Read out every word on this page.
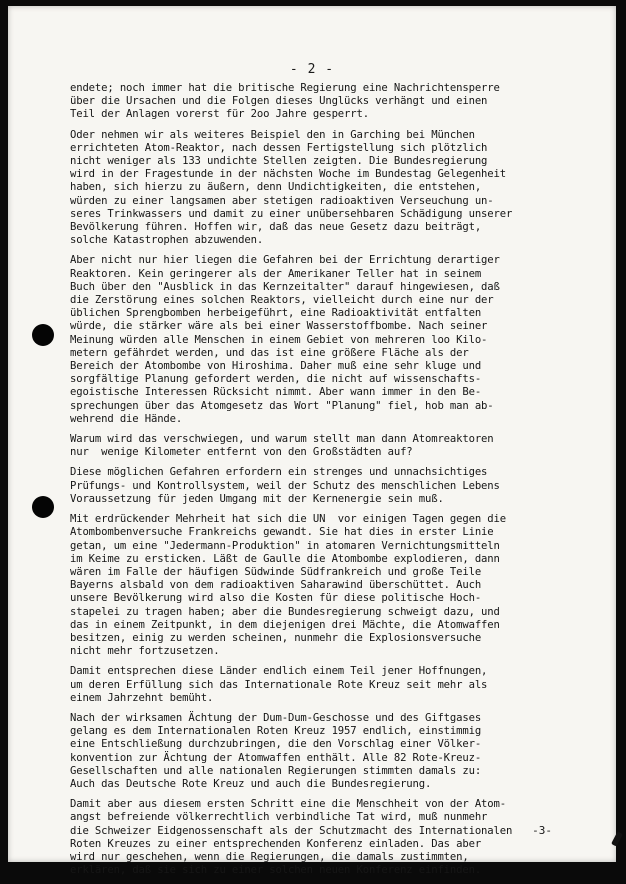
- 2 -
endete; noch immer hat die britische Regierung eine Nachrichtensperre
über die Ursachen und die Folgen dieses Unglücks verhängt und einen
Teil der Anlagen vorerst für 2oo Jahre gesperrt.
Oder nehmen wir als weiteres Beispiel den in Garching bei München
errichteten Atom-Reaktor, nach dessen Fertigstellung sich plötzlich
nicht weniger als 133 undichte Stellen zeigten. Die Bundesregierung
wird in der Fragestunde in der nächsten Woche im Bundestag Gelegenheit
haben, sich hierzu zu äußern, denn Undichtigkeiten, die entstehen,
würden zu einer langsamen aber stetigen radioaktiven Verseuchung un-
seres Trinkwassers und damit zu einer unübersehbaren Schädigung unserer
Bevölkerung führen. Hoffen wir, daß das neue Gesetz dazu beiträgt,
solche Katastrophen abzuwenden.
Aber nicht nur hier liegen die Gefahren bei der Errichtung derartiger
Reaktoren. Kein geringerer als der Amerikaner Teller hat in seinem
Buch über den "Ausblick in das Kernzeitalter" darauf hingewiesen, daß
die Zerstörung eines solchen Reaktors, vielleicht durch eine nur der
üblichen Sprengbomben herbeigeführt, eine Radioaktivität entfalten
würde, die stärker wäre als bei einer Wasserstoffbombe. Nach seiner
Meinung würden alle Menschen in einem Gebiet von mehreren loo Kilo-
metern gefährdet werden, und das ist eine größere Fläche als der
Bereich der Atombombe von Hiroshima. Daher muß eine sehr kluge und
sorgfältige Planung gefordert werden, die nicht auf wissenschafts-
egoistische Interessen Rücksicht nimmt. Aber wann immer in den Be-
sprechungen über das Atomgesetz das Wort "Planung" fiel, hob man ab-
wehrend die Hände.
Warum wird das verschwiegen, und warum stellt man dann Atomreaktoren
nur  wenige Kilometer entfernt von den Großstädten auf?
Diese möglichen Gefahren erfordern ein strenges und unnachsichtiges
Prüfungs- und Kontrollsystem, weil der Schutz des menschlichen Lebens
Voraussetzung für jeden Umgang mit der Kernenergie sein muß.
Mit erdrückender Mehrheit hat sich die UN  vor einigen Tagen gegen die
Atombombenversuche Frankreichs gewandt. Sie hat dies in erster Linie
getan, um eine "Jedermann-Produktion" in atomaren Vernichtungsmitteln
im Keime zu ersticken. Läßt de Gaulle die Atombombe explodieren, dann
wären im Falle der häufigen Südwinde Südfrankreich und große Teile
Bayerns alsbald von dem radioaktiven Saharawind überschüttet. Auch
unsere Bevölkerung wird also die Kosten für diese politische Hoch-
stapelei zu tragen haben; aber die Bundesregierung schweigt dazu, und
das in einem Zeitpunkt, in dem diejenigen drei Mächte, die Atomwaffen
besitzen, einig zu werden scheinen, nunmehr die Explosionsversuche
nicht mehr fortzusetzen.
Damit entsprechen diese Länder endlich einem Teil jener Hoffnungen,
um deren Erfüllung sich das Internationale Rote Kreuz seit mehr als
einem Jahrzehnt bemüht.
Nach der wirksamen Ächtung der Dum-Dum-Geschosse und des Giftgases
gelang es dem Internationalen Roten Kreuz 1957 endlich, einstimmig
eine Entschließung durchzubringen, die den Vorschlag einer Völker-
konvention zur Ächtung der Atomwaffen enthält. Alle 82 Rote-Kreuz-
Gesellschaften und alle nationalen Regierungen stimmten damals zu:
Auch das Deutsche Rote Kreuz und auch die Bundesregierung.
Damit aber aus diesem ersten Schritt eine die Menschheit von der Atom-
angst befreiende völkerrechtlich verbindliche Tat wird, muß nunmehr
die Schweizer Eidgenossenschaft als der Schutzmacht des Internationalen
Roten Kreuzes zu einer entsprechenden Konferenz einladen. Das aber
wird nur geschehen, wenn die Regierungen, die damals zustimmten,
erklären, daß sie sich zu einer solchen neuen Konferenz einfinden.
-3-
